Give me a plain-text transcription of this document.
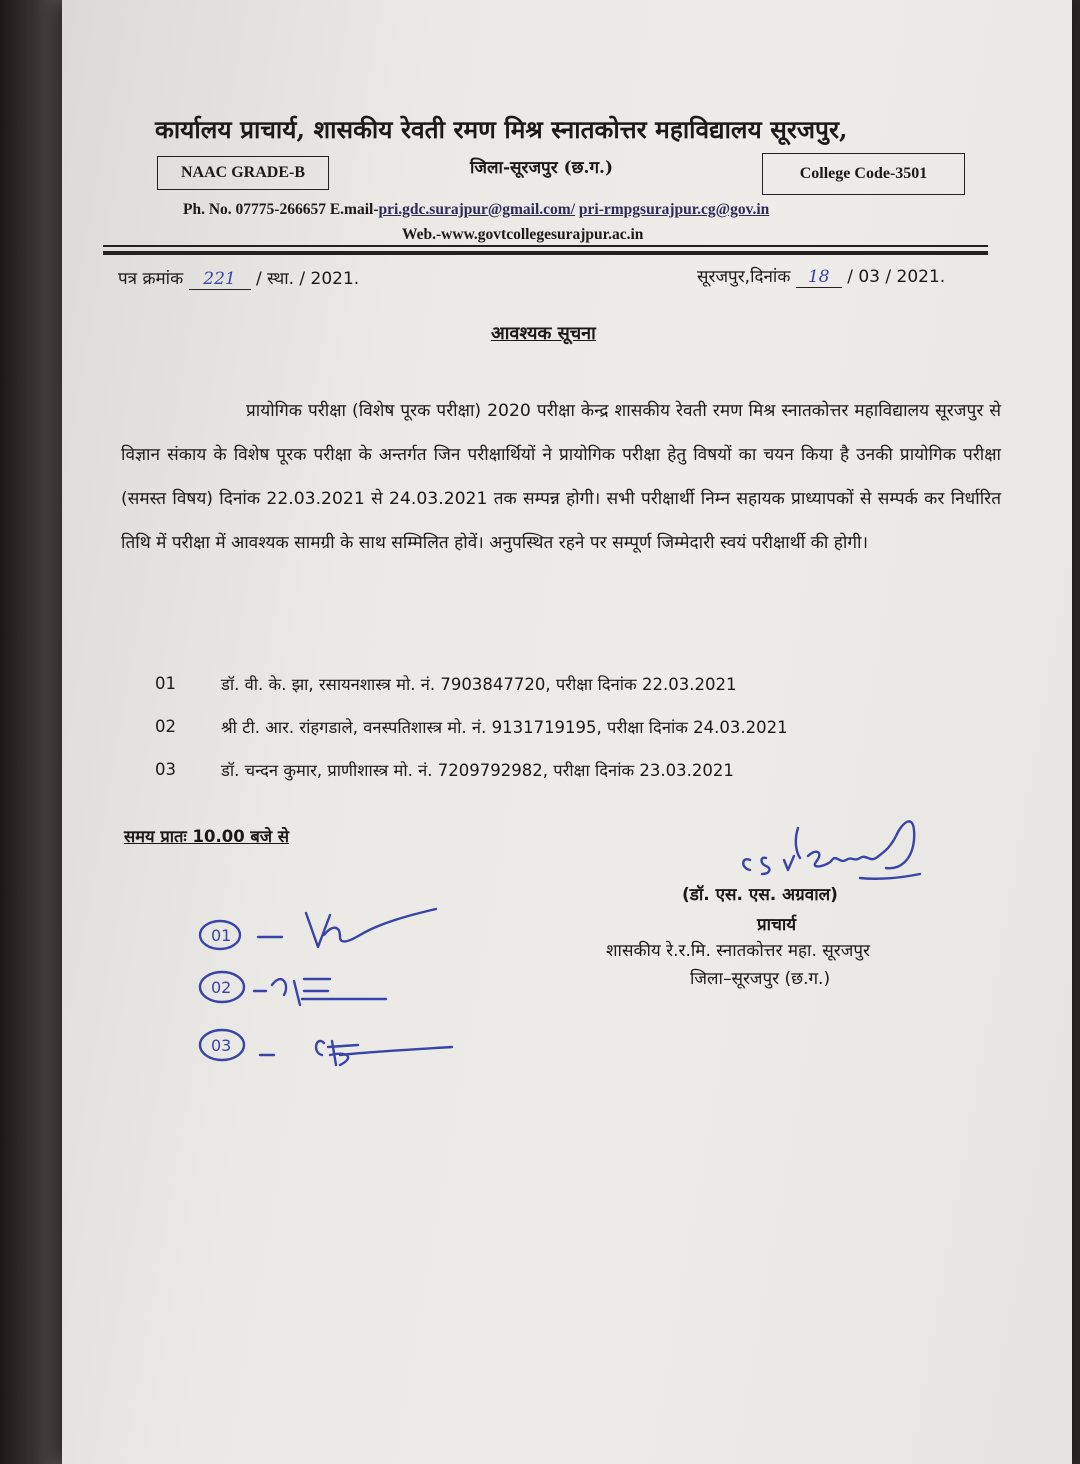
कार्यालय प्राचार्य, शासकीय रेवती रमण मिश्र स्नातकोत्तर महाविद्यालय सूरजपुर,
जिला-सूरजपुर (छ.ग.)
NAAC GRADE-B	College Code-3501
Ph. No. 07775-266657 E.mail-pri.gdc.surajpur@gmail.com/ pri-rmpgsurajpur.cg@gov.in
Web.-www.govtcollegesurajpur.ac.in
पत्र क्रमांक 221 / स्था. / 2021.	सूरजपुर,दिनांक 18 / 03 / 2021.
आवश्यक सूचना

प्रायोगिक परीक्षा (विशेष पूरक परीक्षा) 2020 परीक्षा केन्द्र शासकीय रेवती रमण मिश्र स्नातकोत्तर महाविद्यालय सूरजपुर से विज्ञान संकाय के विशेष पूरक परीक्षा के अन्तर्गत जिन परीक्षार्थियों ने प्रायोगिक परीक्षा हेतु विषयों का चयन किया है उनकी प्रायोगिक परीक्षा (समस्त विषय) दिनांक 22.03.2021 से 24.03.2021 तक सम्पन्न होगी। सभी परीक्षार्थी निम्न सहायक प्राध्यापकों से सम्पर्क कर निर्धारित तिथि में परीक्षा में आवश्यक सामग्री के साथ सम्मिलित होवें। अनुपस्थित रहने पर सम्पूर्ण जिम्मेदारी स्वयं परीक्षार्थी की होगी।

01	डॉ. वी. के. झा, रसायनशास्त्र मो. नं. 7903847720, परीक्षा दिनांक 22.03.2021
02	श्री टी. आर. रांहगडाले, वनस्पतिशास्त्र मो. नं. 9131719195, परीक्षा दिनांक 24.03.2021
03	डॉ. चन्दन कुमार, प्राणीशास्त्र मो. नं. 7209792982, परीक्षा दिनांक 23.03.2021
समय प्रातः 10.00 बजे से
(डॉ. एस. एस. अग्रवाल)
प्राचार्य
शासकीय रे.र.मि. स्नातकोत्तर महा. सूरजपुर
जिला–सूरजपुर (छ.ग.)
01
02
03
